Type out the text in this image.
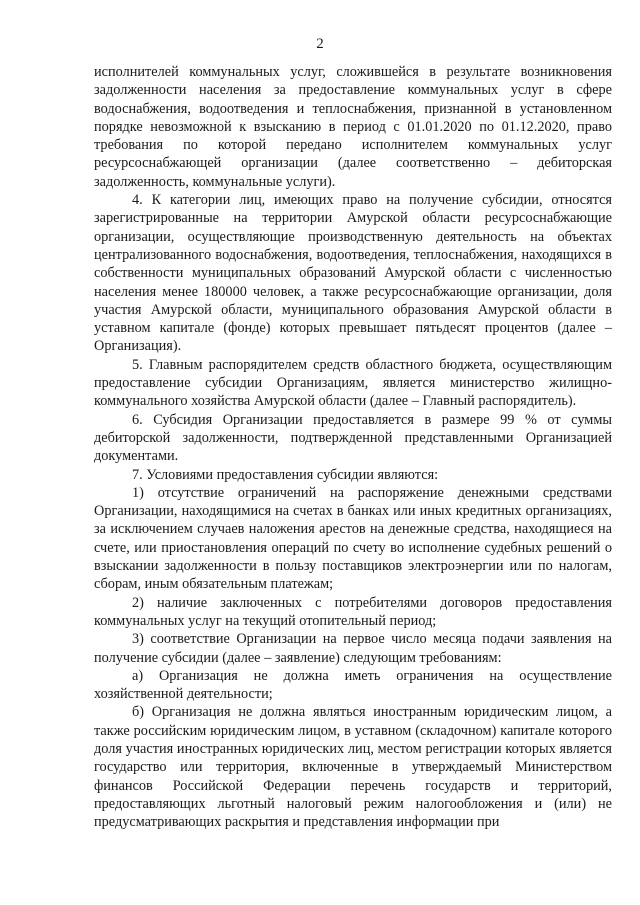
2

исполнителей коммунальных услуг, сложившейся в результате возникновения задолженности населения за предоставление коммунальных услуг в сфере водоснабжения, водоотведения и теплоснабжения, признанной в установленном порядке невозможной к взысканию в период с 01.01.2020 по 01.12.2020, право требования по которой передано исполнителем коммунальных услуг ресурсоснабжающей организации (далее соответственно – дебиторская задолженность, коммунальные услуги).

4. К категории лиц, имеющих право на получение субсидии, относятся зарегистрированные на территории Амурской области ресурсоснабжающие организации, осуществляющие производственную деятельность на объектах централизованного водоснабжения, водоотведения, теплоснабжения, находящихся в собственности муниципальных образований Амурской области с численностью населения менее 180000 человек, а также ресурсоснабжающие организации, доля участия Амурской области, муниципального образования Амурской области в уставном капитале (фонде) которых превышает пятьдесят процентов (далее – Организация).

5. Главным распорядителем средств областного бюджета, осуществляющим предоставление субсидии Организациям, является министерство жилищно-коммунального хозяйства Амурской области (далее – Главный распорядитель).

6. Субсидия Организации предоставляется в размере 99 % от суммы дебиторской задолженности, подтвержденной представленными Организацией документами.

7. Условиями предоставления субсидии являются:

1) отсутствие ограничений на распоряжение денежными средствами Организации, находящимися на счетах в банках или иных кредитных организациях, за исключением случаев наложения арестов на денежные средства, находящиеся на счете, или приостановления операций по счету во исполнение судебных решений о взыскании задолженности в пользу поставщиков электроэнергии или по налогам, сборам, иным обязательным платежам;

2) наличие заключенных с потребителями договоров предоставления коммунальных услуг на текущий отопительный период;

3) соответствие Организации на первое число месяца подачи заявления на получение субсидии (далее – заявление) следующим требованиям:

а) Организация не должна иметь ограничения на осуществление хозяйственной деятельности;

б) Организация не должна являться иностранным юридическим лицом, а также российским юридическим лицом, в уставном (складочном) капитале которого доля участия иностранных юридических лиц, местом регистрации которых является государство или территория, включенные в утверждаемый Министерством финансов Российской Федерации перечень государств и территорий, предоставляющих льготный налоговый режим налогообложения и (или) не предусматривающих раскрытия и представления информации при
